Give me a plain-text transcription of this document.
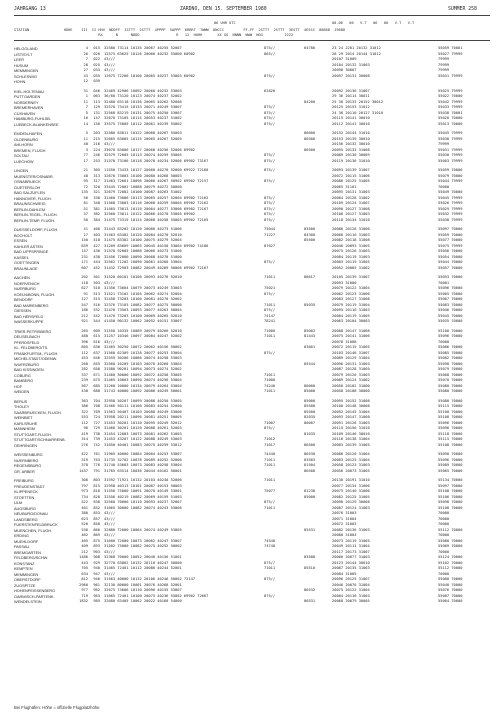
JAHRGANG 13	ZARDNO, DEN 15. SEPTEMBER 1980	SUMMER 258
06 UHR UTC	00-06   06   V.T   06   06   V.T   V.T
STATION                HÖHE    III  II HHV  NDDFF  ISTTT  2STTT  4PPPP  5APPP  6RRRT  7WWW  8NCCC         FF-FF  2STTT  2STTT  3ESTT  4ESSS  88888  J9888
RX      N      NDDD                 R   12  HUHH       XX GG  NNNN  WWW  NGG          2222
HELGOLAND	4	015 32580 73114 10135 20067 40255 52007	875//	64780	23 24 2201 20132 31012	55059 70001
LIST/SYLT	26	020 12575 63625 10126 20066 40232 55000 60902	865//	28 29 2014 20144 31012	55027 79999
LEER	7	022 43///	20107 31009	79999
HUSUM	28	025 43///	20104 20132 31003	79999
MEMMINGEN	27	033 43///	20098 30007	79999
SCHLESWIG	43	035 12675 72206 10100 20065 40237 53003 60902	875//	20097 20131 30008	55031 79999
HOHN	12	039
KIEL-HOLTENAU	31	046 32469 42906 10092 20060 40232 53003	62820	20092 20136 31007	55025 79999
PUTTGARDEN	1	063 36/60 73120 10123 20074 40237 52002	29 36 20114 30011	55022 70000
NORDERNEY	11	113 32480 63118 10136 20065 40262 52006	84200	25 30 20133 20152 30012	55042 79999
BREMERHAVEN	7	129 32570 73415 10133 20071 40249 53007	875//	20125 20153 31012	55033 79999
CUXHAVEN	5	131 32568 83219 10131 20075 40250 53007	875//	24 36 20110 20127 31010	55038 70001
HAMBURG-FUHLSB.	16	147 32670 73105 10114 20053 40237 51002	875//	20115 20141 30010	55020 70000
LUEBECK-BLANKENSEE	14	156 33575 75005 10112 20061 40239 55002	875//	20112 20141 30010	55013 70000
EMDEN-HAFEN	5	203 32580 63011 10122 20068 40267 55003	86600	20152 20144 31010	55045 79999
OLDENBURG	11	215 32665 63005 10115 20065 40267 52005	86500	20153 20139 30010	55038 79999
AHLHORN	40	216 43///	20156 20132 30010	79999
BREMEN, FLUGH	3	224 33670 63006 10117 20068 40256 52006 69902	86500	20095 20133 31008	55031 79999
SOLTAU	77	246 32579 72005 10113 20074 40259 55005	875//	20089 20130 30009	55030 79999
LUECHOW	17	253 31570 73106 10118 20070 40234 52006 69902 73167	875//	20119 20136 31010	55003 79999
LINGEN	21	305 11550 73433 10127 20060 40270 52000 69922 72160	875//	20093 20139 31007	55059 70006
MUENSTER/OSNABR.	48	313 32670 73003 10100 20080 40268 50003	20072 20115 31006	55079 70000
OSNABRUECK	95	317 31463 72601 10096 20066 40267 50902 69902 72157	875//	20086 20125 31005	55044 79999
GUETERSLOH	72	320 33445 72002 10088 20079 40272 50000	20065 31101	70000
BAD SALZUFLEN	135	321 32679 72002 10100 20087 40263 51002	20095 20131 31003	55049 70000
HANNOVER, FLUGH.	56	338 31460 73006 10113 20065 40257 52004 69902 72162	875//	20084 20128 31002	55045 79999
BRAUNSCHWEIG	81	348 31568 73003 10116 20068 40259 50004 69902 72162	875//	20109 20124 31007	55026 79999
BERLIN-DAHLEM	51	381 31465 73013 10119 20064 40277 53006 69902 72167	875//	20090 20127 31008	55029 79999
BERLIN-TEGEL, FLUGH.	37	382 32560 73011 10122 20066 40270 53005 69902	875//	20106 20127 31003	55032 79999
BERLIN-TEMP. FLUGH.	50	384 31475 73315 10124 20068 40258 55003 69902 72165	875//	20118 20134 31010	55038 79999
DUESSELDORF, FLUGH.	41	400 31443 83202 10120 20080 40273 51006	75044	83500	20086 20128 31006	55097 70000
BOCHOLT	27	403 31463 63402 10120 20084 40270 52010	71227	84300	20060 20116 31003	55059 70000
ESSEN	150	410 31475 83302 10100 20075 40279 52004	85500	20082 20118 31008	55077 70000
KAHLER ASTEN	839	427 31209 83609 10065 20045 40150 53004 69902 74186	87627	20046 20093 31005	55075 79999
BAD LIPPSPRINGE	157	430 31570 92005 10088 20066 40273 51006	20075 20126 31003	55056 70000
KASSEL	231	438 32456 72000 10090 20068 40270 51000	20084 20119 31003	55054 70000
GOETTINGEN	171	444 32562 71202 10090 20061 40260 53004	875//	20083 20119 31005	55044 70000
BRAUNLAGE	607	452 31432 72903 10082 20049 40269 50006 69902 72167	20052 20085 31002	55057 70000
AACHEN	202	501 31520 60101 10100 20093 40276 52010	71011	88617	20105 20139 31007	55053 70000
NOERVENICH	118	503 43///	20093 31000	70001
NUERBURG	627	510 31350 73604 10079 20073 40249 53003	75021	20079 20122 31004	55096 70000
KOELN/BONN, FLUGH.	91	513 31521 73102 10105 20062 40274 52004	875//	20062 20123 31006	55065 70000
BENDORF	127	515 32458 73203 10100 20081 40270 52002	20083 20127 31008	55067 70000
BAD MARIENBERG	547	516 32376 73103 10082 20077 40275 50006	71011	85035	20079 20119 31004	55083 70000
GIESSEN	186	532 32470 73503 10093 20077 40263 50004	875//	20095 20116 31003	55046 70000
BAD HERSFELD	212	542 31470 73203 10100 20069 40265 52010	74147	20084 20119 31005	55045 70000
WASSERKUPPE	921	544 41450 90132 10062 20052 40151 53007	78241	20063 20104 30003	55035 70000
TRIER-PETRISBERG	265	609 31550 10335 10089 20079 40266 52010	71000	85003	20088 20147 31008	55100 70000
DEUSELBACH	480	615 31257 10346 10097 20084 40247 52002	71011	81443	20075 20141 31006	55096 70000
PFERDSFELD	396	616 43///	20078 31008	70000
KL. FELDBERG/TS.	805	630 32465 30250 10072 20062 40156 50002	83601	20072 20115 31005	55086 70000
FRANKFURT/M., FLUGH.	112	637 31560 62309 10128 20077 40253 53004	875//	20103 20146 31007	55085 70000
MICHELSTADT/ODENW.	453	646 32559 30206 10086 20074 40258 53003	20089 20129 31004	55082 70000
WUERZBURG	268	655 32560 10205 10103 20070 40260 53004	85544	20096 20131 31003	55098 70000
BAD KISSINGEN	282	658 31580 90201 10094 20073 40274 52002	20087 20128 31005	55079 70000
COBURG	337	671 31460 30000 10092 20072 40258 53005	71011	20079 20120 31003	55068 70000
BAMBERG	239	675 31465 10003 10090 20074 40256 53004	71000	20089 20124 31002	55070 70000
HOF	567	685 31260 10000 10134 20079 40264 53004	74240	80000	20056 20102 31000	55080 70000
WEIDEN	438	688 31743 40000 10092 20086 40249 50001	71011	85000	20058 20108 30000	55080 70000
BERUS	363	704 32958 50207 10099 20088 40250 53005	85000	20095 20152 31008	55080 70000
THOLEY	386	708 32466 50111 10100 20083 40254 52000	85500	20100 20148 30008	55115 70000
SAARBRUECKEN, FLUGH.	322	709 31563 50407 10103 20088 40249 53006	85500	20092 20145 31004	55100 70000
WEINBIET	553	724 33958 20211 10096 20081 40251 50005	82035	20093 20147 31008	55108 70000
KARLSRUHE	112	727 31453 30201 10110 20095 40249 52012	71007	80007	20091 20126 31003	55096 70000
MANNHEIM	96	729 31466 30201 10120 20088 40261 52003	875//	20115 20156 31010	55096 70000
STUTTGART-FLUGH.	419	738 31454 12003 10073 20081 40262 51003	81035	20109 20146 30010	55118 70000
STUTTGART/SCHNARRENB.	314	739 31453 43207 10122 20088 40249 53003	71012	20116 20138 31004	55115 70000
OEHRINGEN	276	742 31650 40401 10083 20075 40259 53012	71017	86500	20083 20139 31005	55108 70000
WEISSENBURG	422	761 31905 40000 10084 20084 40253 53007	74440	86530	20086 20120 31004	55090 70000
NUERNBERG	319	763 31735 32702 10078 20089 40252 52006	71011	83503	20083 20125 31004	55096 70000
REGENSBURG	378	776 31740 53603 10073 20083 40258 53004	71011	81504	20058 20123 31003	55089 70000
GR. ARBER	1437	791 31765 63514 10036 20044 40162 56001	86500	20056 20073 31005	55065 70000
FREIBURG	300	803 31592 71921 10132 20103 40240 52006	71011	20130 20191 31010	55134 70000
FREUDENSTADT	797	815 32958 40313 10101 20087 40153 50003	20077 20134 31006	55097 70000
KLIPPENECK	973	818 31556 75000 10091 20070 40149 53001	75077	81238	20075 20140 31006	55108 70000
STOETTEN	734	828 32556 40219 10082 20069 40159 51003	85000	20082 20125 31005	55106 70000
ULM	522	838 32560 70000 10110 20093 40237 52007	875//	20098 20129 30008	55098 70000
AUGSBURG	461	852 31665 30000 10082 20074 40243 53006	71011	20087 20124 31003	55108 70000
NEUBURG/DONAU	380	853 43///	20076 31003	70000
LANDSBERG	623	857 43///	20071 31004	70000
FUERSTENFELDBRUCK	520	858 43///	20072 31003	70000
MUENCHEN, FLUGH.	530	866 32880 72000 10064 20074 40249 53005	85531	20082 20136 31003	55112 70000
ERDING	462	869 43///	20080 31004	70000
MUEHLDORF	405	875 31600 72000 10073 20062 40247 53007	74540	20073 20119 31005	55080 70000
PASSAU	409	893 31502 75000 10082 20075 40252 50002	74740	20049 20111 31004	55069 70000
BREMGARTEN	212	903 43///	20117 20173 31007	70000
FELDBERG/SCHW.	1486	908 32368 70000 10052 20040 40156 51001	83508	20060 20077 31003	55124 70000
KONSTANZ	443	929 32770 63802 10132 20110 40247 50000	875//	20123 20144 30010	55102 70000
KEMPTEN	705	940 31465 72401 10112 20086 40244 52001	71011	85510	20087 20135 31003	55112 70000
MEMMINGEN	634	947 43///	20084 31005	70000
OBERSTDORF	812	946 31563 40000 10132 20106 40246 50002 72147	875//	20096 20125 31007	55080 70000
ZUGSPITZE	2960	961 32130 80000 10001 20076 40268 52001	20046 20076 31004	55040 70000
HOHENPEISSENBERG	977	962 32675 73606 10110 20096 40155 53007	86532	20075 20122 31004	55076 70000
GARMISCH-PARTENK.	719	963 31665 72401 10100 20075 40236 55002 69902 72667	875//	20084 20116 31003	55087 70000
WENDELSTEIN	1832	985 32680 63405 10062 20022 40160 54000	86531	20060 20079 30005	55064 70000
Bei Flughäfen: Höhe = offizielle Flugplatzhöhe
